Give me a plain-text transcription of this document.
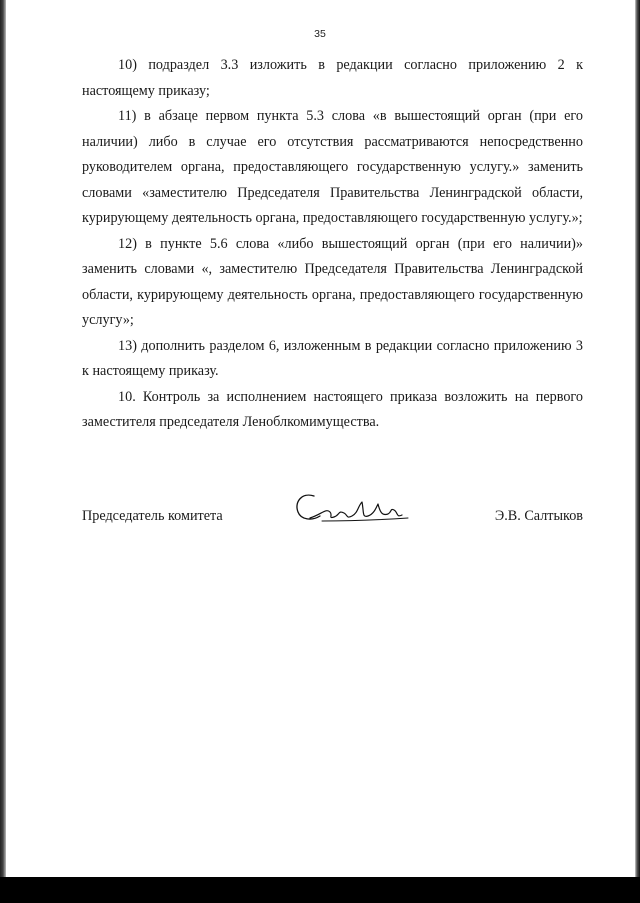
35

10) подраздел 3.3 изложить в редакции согласно приложению 2 к настоящему приказу;

11) в абзаце первом пункта 5.3 слова «в вышестоящий орган (при его наличии) либо в случае его отсутствия рассматриваются непосредственно руководителем органа, предоставляющего государственную услугу.» заменить словами «заместителю Председателя Правительства Ленинградской области, курирующему деятельность органа, предоставляющего государственную услугу.»;

12) в пункте 5.6 слова «либо вышестоящий орган (при его наличии)» заменить словами «, заместителю Председателя Правительства Ленинградской области, курирующему деятельность органа, предоставляющего государственную услугу»;

13) дополнить разделом 6, изложенным в редакции согласно приложению 3 к настоящему приказу.

10. Контроль за исполнением настоящего приказа возложить на первого заместителя председателя Леноблкомимущества.

Председатель комитета	Э.В. Салтыков
